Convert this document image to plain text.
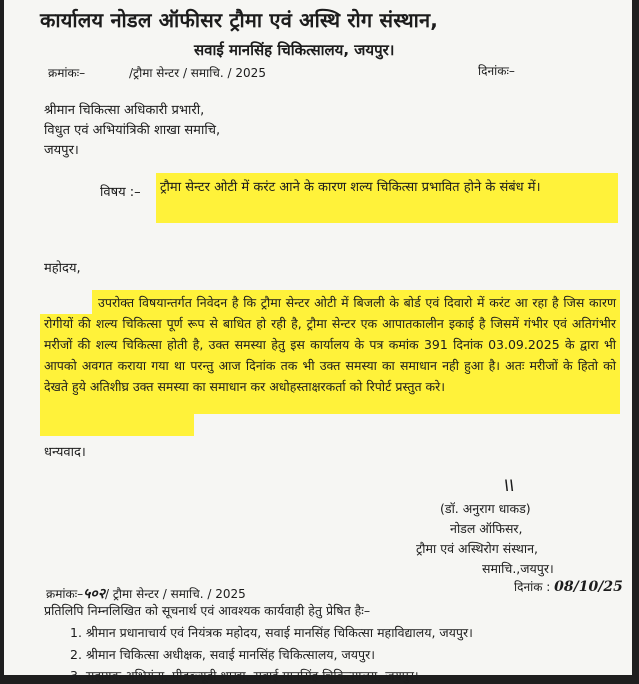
कार्यालय नोडल ऑफीसर ट्रौमा एवं अस्थि रोग संस्थान,
सवाई मानसिंह चिकित्सालय, जयपुर।
क्रमांकः–	/ट्रौमा सेन्टर / समाचि. / 2025	दिनांकः–
श्रीमान चिकित्सा अधिकारी प्रभारी,
विधुत एवं अभियांत्रिकी शाखा समाचि,
जयपुर।
विषय :– ट्रौमा सेन्टर ओटी में करंट आने के कारण शल्य चिकित्सा प्रभावित होने के संबंध में।
महोदय,
उपरोक्त विषयान्तर्गत निवेदन है कि ट्रौमा सेन्टर ओटी में बिजली के बोर्ड एवं दिवारो में करंट आ रहा है जिस कारण रोगीयों की शल्य चिकित्सा पूर्ण रूप से बाधित हो रही है, ट्रौमा सेन्टर एक आपातकालीन इकाई है जिसमें गंभीर एवं अतिगंभीर मरीजों की शल्य चिकित्सा होती है, उक्त समस्या हेतु इस कार्यालय के पत्र कमांक 391 दिनांक 03.09.2025 के द्वारा भी आपको अवगत कराया गया था परन्तु आज दिनांक तक भी उक्त समस्या का समाधान नही हुआ है। अतः मरीजों के हितो को देखते हुये अतिशीघ्र उक्त समस्या का समाधान कर अधोहस्ताक्षरकर्ता को रिपोर्ट प्रस्तुत करे।
धन्यवाद।
\\
(डॉ. अनुराग धाकड)
नोडल ऑफिसर,
ट्रौमा एवं अस्थिरोग संस्थान,
समाचि.,जयपुर।
क्रमांकः–५०२/ ट्रौमा सेन्टर / समाचि. / 2025	दिनांक : 08/10/25
प्रतिलिपि निम्नलिखित को सूचनार्थ एवं आवश्यक कार्यवाही हेतु प्रेषित हैः–
1. श्रीमान प्रधानाचार्य एवं नियंत्रक महोदय, सवाई मानसिंह चिकित्सा महाविद्यालय, जयपुर।
2. श्रीमान चिकित्सा अधीक्षक, सवाई मानसिंह चिकित्सालय, जयपुर।
3. सहायक अभियंता, पीडब्ल्यूडी शाखा, सवाई मानसिंह चिकित्सालय, जयपुर।
